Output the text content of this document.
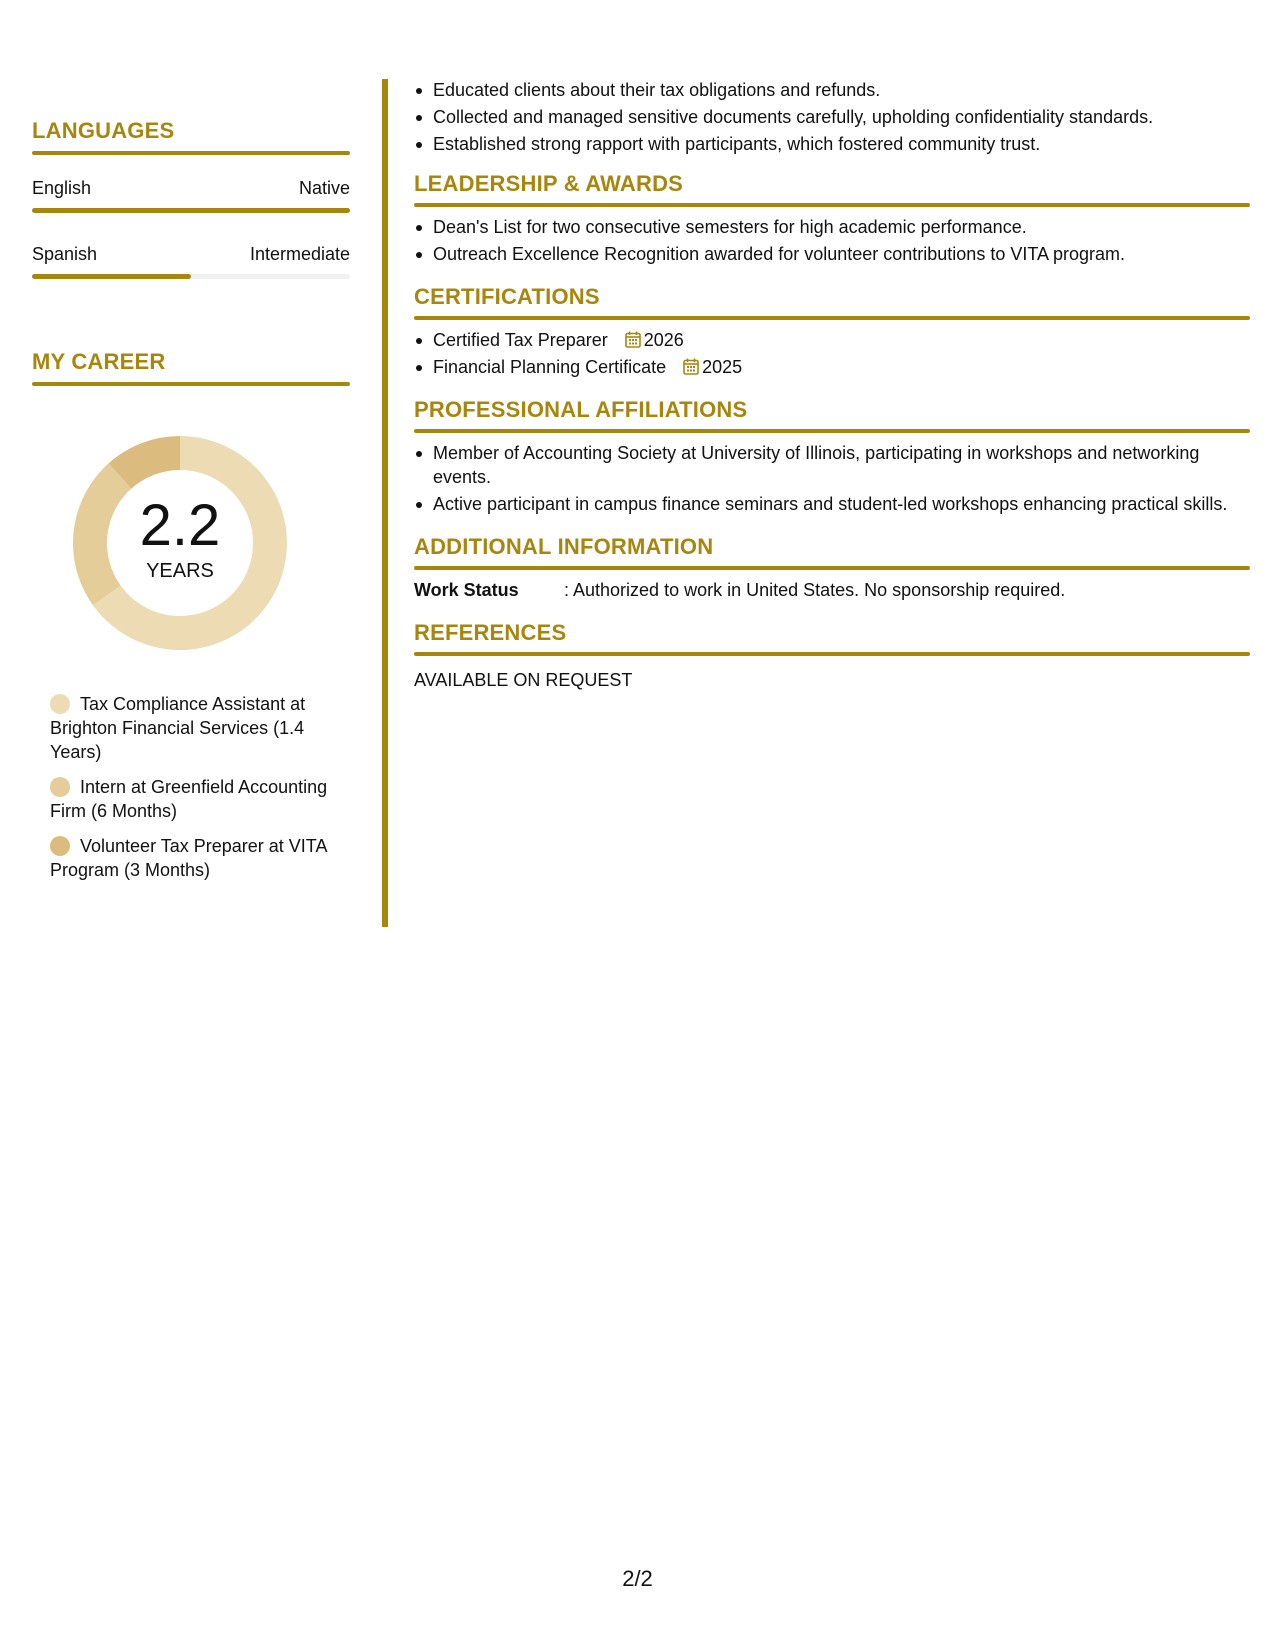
LANGUAGES
English	Native
Spanish	Intermediate
MY CAREER
2.2
YEARS
Tax Compliance Assistant at Brighton Financial Services (1.4 Years)
Intern at Greenfield Accounting Firm (6 Months)
Volunteer Tax Preparer at VITA Program (3 Months)
Educated clients about their tax obligations and refunds.
Collected and managed sensitive documents carefully, upholding confidentiality standards.
Established strong rapport with participants, which fostered community trust.
LEADERSHIP & AWARDS
Dean's List for two consecutive semesters for high academic performance.
Outreach Excellence Recognition awarded for volunteer contributions to VITA program.
CERTIFICATIONS
Certified Tax Preparer 2026
Financial Planning Certificate 2025
PROFESSIONAL AFFILIATIONS
Member of Accounting Society at University of Illinois, participating in workshops and networking events.
Active participant in campus finance seminars and student-led workshops enhancing practical skills.
ADDITIONAL INFORMATION
Work Status	: Authorized to work in United States. No sponsorship required.
REFERENCES
AVAILABLE ON REQUEST
2/2
